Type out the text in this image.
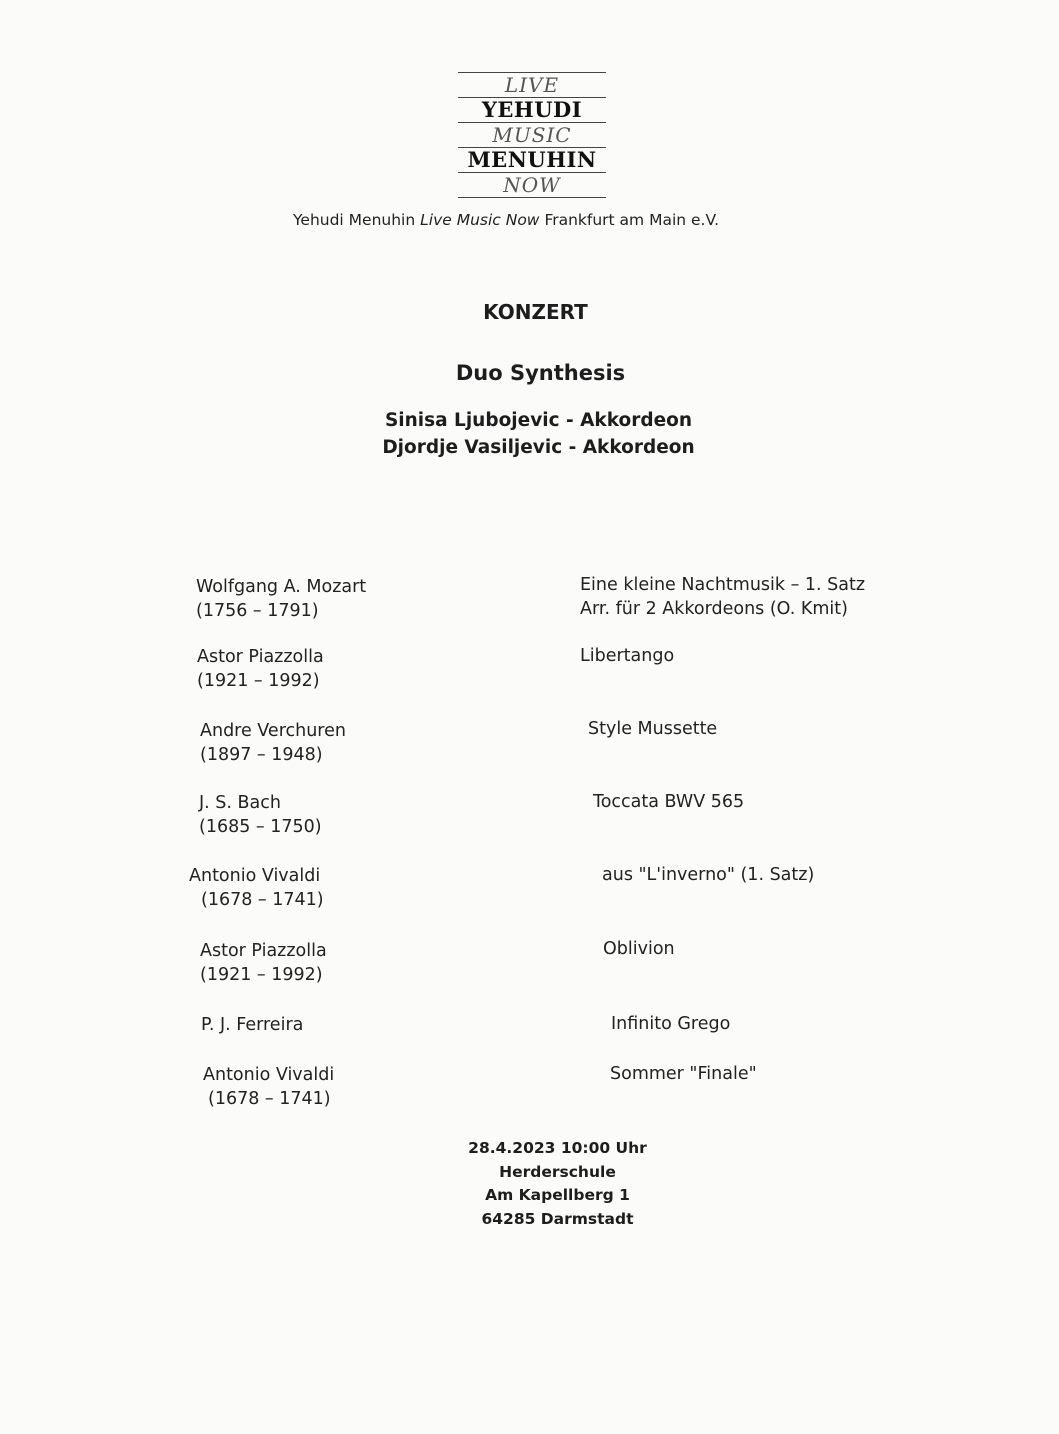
LIVE
YEHUDI
MUSIC
MENUHIN
NOW
Yehudi Menuhin Live Music Now Frankfurt am Main e.V.
KONZERT
Duo Synthesis
Sinisa Ljubojevic - Akkordeon
Djordje Vasiljevic - Akkordeon
Wolfgang A. Mozart
(1756 – 1791)
Astor Piazzolla
(1921 – 1992)
Andre Verchuren
(1897 – 1948)
J. S. Bach
(1685 – 1750)
Antonio Vivaldi
(1678 – 1741)
Astor Piazzolla
(1921 – 1992)
P. J. Ferreira
Antonio Vivaldi
(1678 – 1741)
Eine kleine Nachtmusik – 1. Satz
Arr. für 2 Akkordeons (O. Kmit)
Libertango
Style Mussette
Toccata BWV 565
aus "L'inverno" (1. Satz)
Oblivion
Infinito Grego
Sommer "Finale"
28.4.2023 10:00 Uhr
Herderschule
Am Kapellberg 1
64285 Darmstadt
